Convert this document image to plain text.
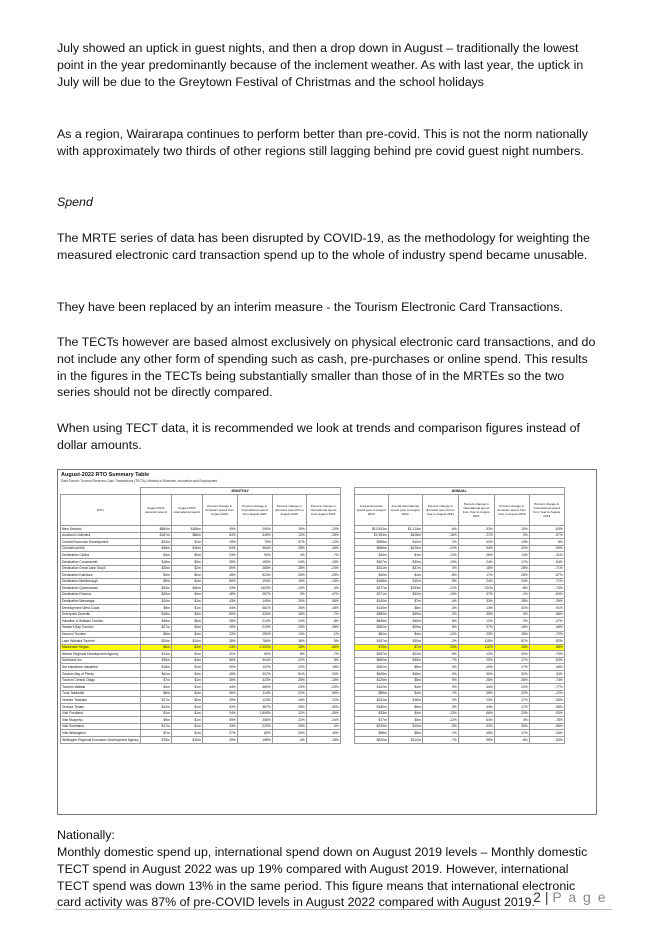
July showed an uptick in guest nights, and then a drop down in August – traditionally the lowest point in the year predominantly because of the inclement weather. As with last year, the uptick in July will be due to the Greytown Festival of Christmas and the school holidays

As a region, Wairarapa continues to perform better than pre-covid. This is not the norm nationally with approximately two thirds of other regions still lagging behind pre covid guest night numbers.

Spend

The MRTE series of data has been disrupted by COVID-19, as the methodology for weighting the measured electronic card transaction spend up to the whole of industry spend became unusable.

They have been replaced by an interim measure - the Tourism Electronic Card Transactions.

The TECTs however are based almost exclusively on physical electronic card transactions, and do not include any other form of spending such as cash, pre-purchases or online spend. This results in the figures in the TECTs being substantially smaller than those of in the MRTEs so the two series should not be directly compared.

When using TECT data, it is recommended we look at trends and comparison figures instead of dollar amounts.

August-2022 RTO Summary Table
Data Source: Tourism Electronic Card Transactions (TECTs), Ministry of Business, Innovation and Employment
	MONTHLY							ANNUAL					
RTO	August 2022 domestic spend	August 2022 international spend	Percent change in domestic spend from August 2021	Percent change in international spend from August 2021	Percent change in domestic spend from August 2019	Percent change in international spend from August 2019		Annual domestic spend year to August 2022	Annual international spend year to August 2022	Percent change in domestic spend from Year to August 2021	Percent change in international spend from Year to August 2021	Percent change in domestic spend from Year to August 2019	Percent change in international spend from Year to August 2019
New Zealand	$850m	$188m	49%	294%	19%	-13%		$10,543m	$1,214m	-6%	33%	10%	-63%
Auckland Unlimited	$187m	$66m	54%	349%	12%	-25%		$1,994m	$428m	-16%	27%	0%	-57%
Central Economic Development	$24m	$1m	19%	70%	37%	-12%		$285m	$10m	2%	41%	13%	6%
ChristchurchNZ	$45m	$16m	54%	384%	28%	-16%		$566m	$126m	-12%	34%	22%	-59%
Destination Clutha	$3m	$0m	23%	90%	4%	-7%		$43m	$1m	12%	26%	14%	-31%
Destination Coromandel	$18m	$3m	39%	153%	24%	-15%		$307m	$30m	-13%	24%	17%	-54%
Destination Great Lake Taupō	$25m	$2m	59%	285%	28%	-24%		$341m	$37m	0%	18%	28%	-71%
Destination Kaikōura	$3m	$0m	45%	524%	26%	-25%		$40m	$4m	-8%	17%	28%	-87%
Destination Marlborough	$9m	$1m	50%	194%	16%	-13%		$168m	$10m	-5%	24%	24%	-71%
Destination Queenstown	$33m	$46m	43%	1403%	-10%	-4%		$477m	$193m	-12%	131%	-8%	-73%
Destination Rotorua	$25m	$4m	48%	257%	3%	-47%		$271m	$32m	-13%	37%	-1%	-83%
Destination Wairarapa	$10m	$1m	43%	149%	20%	55%		$140m	$7m	-4%	33%	28%	-39%
Development West Coast	$8m	$1m	34%	581%	26%	-18%		$140m	$8m	-4%	13%	31%	-91%
Enterprise Dunedin	$18m	$3m	50%	326%	18%	-7%		$380m	$29m	-2%	35%	9%	-58%
Hamilton & Waikato Tourism	$48m	$6m	35%	214%	12%	-8%		$646m	$49m	6%	12%	2%	-47%
Hawke's Bay Tourism	$27m	$3m	49%	213%	23%	28%		$382m	$29m	6%	37%	18%	-46%
Hurunui Tourism	$6m	$1m	23%	250%	14%	-1%		$81m	$4m	-12%	23%	16%	-72%
Lake Wānaka Tourism	$24m	$10m	28%	786%	36%	5%		$197m	$30m	-2%	115%	57%	-82%
Mackenzie Region	$6m	$2m	24%	2,000%	28%	-68%		$70m	$7m	23%	112%	28%	88%
Nelson Regional Development Agency	$13m	$1m	31%	60%	8%	-7%		$257m	$22m	-9%	12%	20%	-70%
Northland Inc.	$36m	$4m	56%	304%	22%	8%		$580m	$35m	-7%	20%	17%	-63%
Not elsewhere classified	$18m	$1m	30%	147%	22%	18%		$261m	$8m	3%	40%	27%	-46%
Tourism Bay of Plenty	$41m	$4m	45%	307%	51%	20%		$635m	$45m	-5%	30%	32%	-34%
Tourism Central Otago	$7m	$1m	38%	323%	25%	-15%		$126m	$5m	5%	28%	26%	-74%
Tourism Waitaki	$4m	$1m	44%	480%	24%	-23%		$102m	$4m	3%	44%	22%	-77%
Trust Tairāwhiti	$6m	$1m	36%	114%	22%	65%		$89m	$4m	-7%	38%	22%	-22%
Venture Taranaki	$17m	$2m	49%	123%	18%	12%		$241m	$18m	2%	23%	17%	-35%
Ventura Timaru	$12m	$1m	43%	367%	25%	-30%		$160m	$6m	3%	44%	17%	-58%
Visit Fiordland	$1m	$1m	34%	1,808%	12%	-45%		$33m	$4m	-13%	66%	20%	-93%
Visit Ruapehu	$9m	$1m	59%	255%	22%	-24%		$77m	$5m	-12%	64%	3%	-78%
Visit Southland	$17m	$1m	43%	229%	26%	-3%		$230m	$10m	-3%	33%	30%	-55%
Visit Whanganui	$7m	$1m	27%	80%	20%	40%		$98m	$6m	1%	45%	17%	-34%
Wellington Regional Economic Development Agency	$75m	$10m	49%	158%	-4%	-18%		$820m	$112m	-7%	35%	-6%	-53%

Nationally:

Monthly domestic spend up, international spend down on August 2019 levels – Monthly domestic TECT spend in August 2022 was up 19% compared with August 2019. However, international TECT spend was down 13% in the same period. This figure means that international electronic card activity was 87% of pre-COVID levels in August 2022 compared with August 2019.

2 | P a g e
